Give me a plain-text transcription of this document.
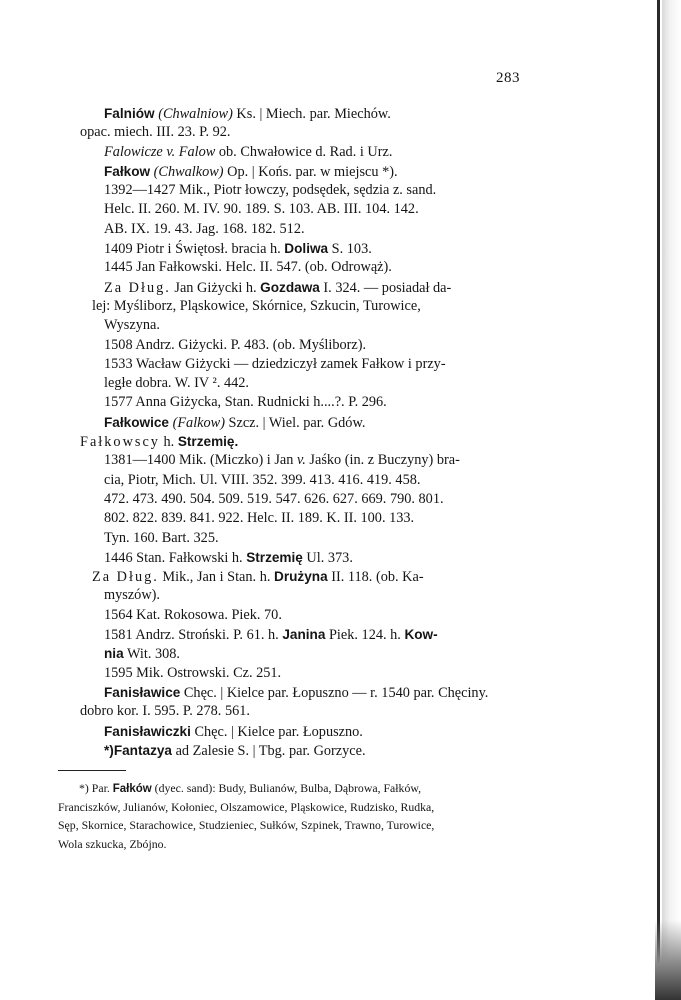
283
Falniów (Chwalniow) Ks. | Miech. par. Miechów.
opac. miech. III. 23. P. 92.
Falowicze v. Falow ob. Chwałowice d. Rad. i Urz.
Fałkow (Chwalkow) Op. | Końs. par. w miejscu *).
1392—1427 Mik., Piotr łowczy, podsędek, sędzia z. sand.
Helc. II. 260. M. IV. 90. 189. S. 103. AB. III. 104. 142.
AB. IX. 19. 43. Jag. 168. 182. 512.
1409 Piotr i Świętosł. bracia h. Doliwa S. 103.
1445 Jan Fałkowski. Helc. II. 547. (ob. Odrowąż).
Za Dług. Jan Giżycki h. Gozdawa I. 324. — posiadał da-
lej: Myśliborz, Pląskowice, Skórnice, Szkucin, Turowice,
Wyszyna.
1508 Andrz. Giżycki. P. 483. (ob. Myśliborz).
1533 Wacław Giżycki — dziedziczył zamek Fałkow i przy-
ległe dobra. W. IV ². 442.
1577 Anna Giżycka, Stan. Rudnicki h....?. P. 296.
Fałkowice (Falkow) Szcz. | Wiel. par. Gdów.
Fałkowscy h. Strzemię.
1381—1400 Mik. (Miczko) i Jan v. Jaśko (in. z Buczyny) bra-
cia, Piotr, Mich. Ul. VIII. 352. 399. 413. 416. 419. 458.
472. 473. 490. 504. 509. 519. 547. 626. 627. 669. 790. 801.
802. 822. 839. 841. 922. Helc. II. 189. K. II. 100. 133.
Tyn. 160. Bart. 325.
1446 Stan. Fałkowski h. Strzemię Ul. 373.
Za Dług. Mik., Jan i Stan. h. Drużyna II. 118. (ob. Ka-
myszów).
1564 Kat. Rokosowa. Piek. 70.
1581 Andrz. Stroński. P. 61. h. Janina Piek. 124. h. Kow-
nia Wit. 308.
1595 Mik. Ostrowski. Cz. 251.
Fanisławice Chęc. | Kielce par. Łopuszno — r. 1540 par. Chęciny.
dobro kor. I. 595. P. 278. 561.
Fanisławiczki Chęc. | Kielce par. Łopuszno.
*)Fantazya ad Zalesie S. | Tbg. par. Gorzyce.
*) Par. Fałków (dyec. sand): Budy, Bulianów, Bulba, Dąbrowa, Fałków,
Franciszków, Julianów, Kołoniec, Olszamowice, Pląskowice, Rudzisko, Rudka,
Sęp, Skornice, Starachowice, Studzieniec, Sułków, Szpinek, Trawno, Turowice,
Wola szkucka, Zbójno.
